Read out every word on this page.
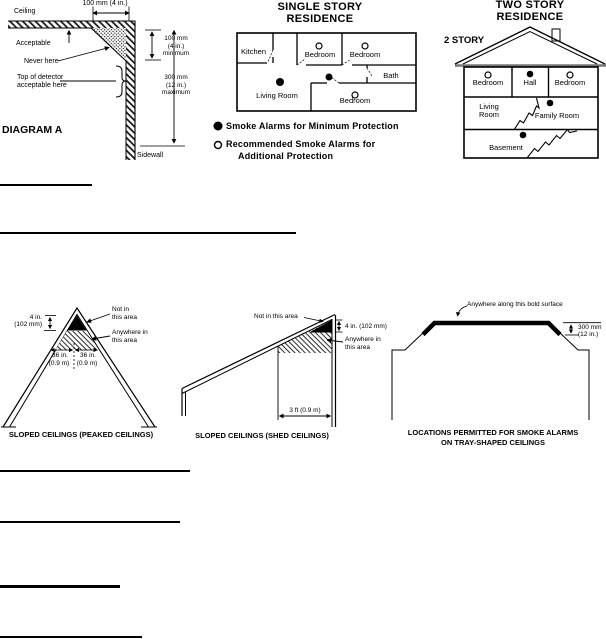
Ceiling
100 mm (4 in.)
Acceptable
Never here
Top of detector
acceptable here
100 mm
(4 in.)
minimum
300 mm
(12 in.)
maximum
Sidewall
DIAGRAM A
SINGLE STORY
RESIDENCE
Kitchen	Bedroom	Bedroom
Bath
Living Room
Bedroom
Smoke Alarms for Minimum Protection
Recommended Smoke Alarms for
Additional Protection
TWO STORY
RESIDENCE
2 STORY
Bedroom	Hall	Bedroom
Living
Room	Family Room
Basement
4 in.
(102 mm)
Not in
this area
Anywhere in
this area
36 in.
(0.9 m)
36 in.
(0.9 m)
SLOPED CEILINGS (PEAKED CEILINGS)
Not in this area
4 in. (102 mm)
Anywhere in
this area
3 ft (0.9 m)
SLOPED CEILINGS (SHED CEILINGS)
Anywhere along this bold surface
300 mm
(12 in.)
LOCATIONS PERMITTED FOR SMOKE ALARMS
ON TRAY-SHAPED CEILINGS
